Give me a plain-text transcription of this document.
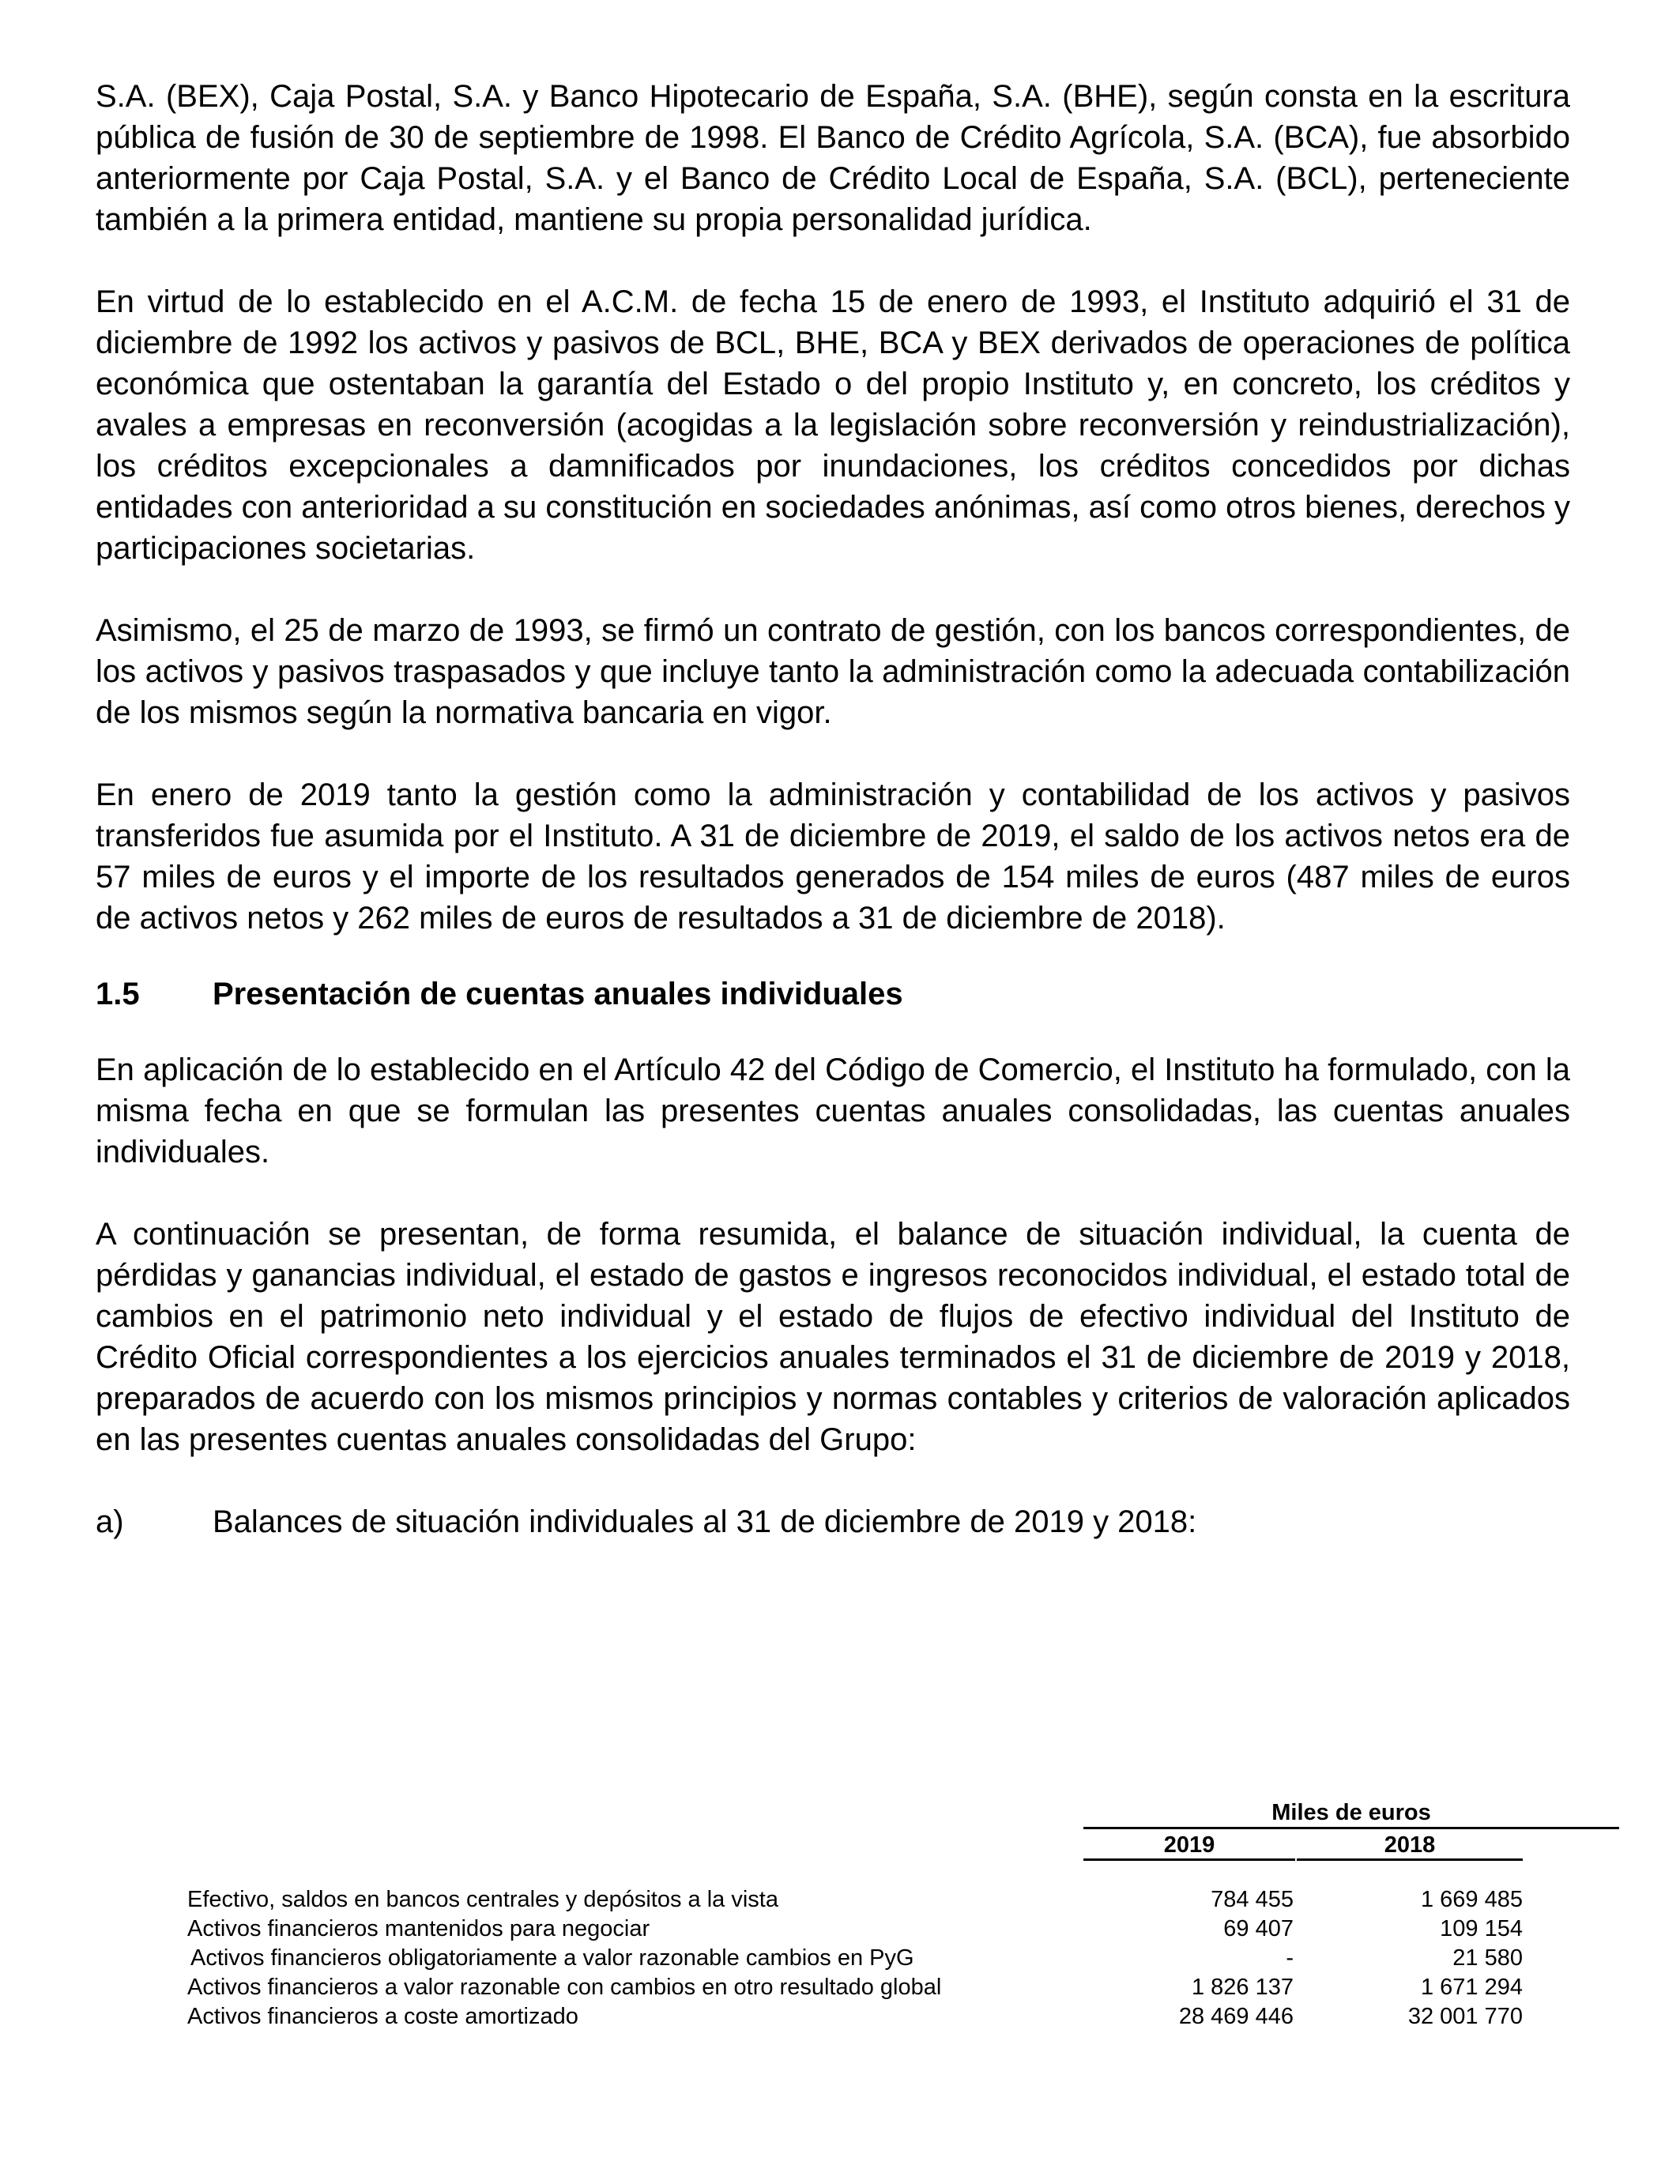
S.A. (BEX), Caja Postal, S.A. y Banco Hipotecario de España, S.A. (BHE), según consta en la escritura pública de fusión de 30 de septiembre de 1998. El Banco de Crédito Agrícola, S.A. (BCA), fue absorbido anteriormente por Caja Postal, S.A. y el Banco de Crédito Local de España, S.A. (BCL), perteneciente también a la primera entidad, mantiene su propia personalidad jurídica.

En virtud de lo establecido en el A.C.M. de fecha 15 de enero de 1993, el Instituto adquirió el 31 de diciembre de 1992 los activos y pasivos de BCL, BHE, BCA y BEX derivados de operaciones de política económica que ostentaban la garantía del Estado o del propio Instituto y, en concreto, los créditos y avales a empresas en reconversión (acogidas a la legislación sobre reconversión y reindustrialización), los créditos excepcionales a damnificados por inundaciones, los créditos concedidos por dichas entidades con anterioridad a su constitución en sociedades anónimas, así como otros bienes, derechos y participaciones societarias.

Asimismo, el 25 de marzo de 1993, se firmó un contrato de gestión, con los bancos correspondientes, de los activos y pasivos traspasados y que incluye tanto la administración como la adecuada contabilización de los mismos según la normativa bancaria en vigor.

En enero de 2019 tanto la gestión como la administración y contabilidad de los activos y pasivos transferidos fue asumida por el Instituto. A 31 de diciembre de 2019, el saldo de los activos netos era de 57 miles de euros y el importe de los resultados generados de 154 miles de euros (487 miles de euros de activos netos y 262 miles de euros de resultados a 31 de diciembre de 2018).

1.5	Presentación de cuentas anuales individuales

En aplicación de lo establecido en el Artículo 42 del Código de Comercio, el Instituto ha formulado, con la misma fecha en que se formulan las presentes cuentas anuales consolidadas, las cuentas anuales individuales.

A continuación se presentan, de forma resumida, el balance de situación individual, la cuenta de pérdidas y ganancias individual, el estado de gastos e ingresos reconocidos individual, el estado total de cambios en el patrimonio neto individual y el estado de flujos de efectivo individual del Instituto de Crédito Oficial correspondientes a los ejercicios anuales terminados el 31 de diciembre de 2019 y 2018, preparados de acuerdo con los mismos principios y normas contables y criterios de valoración aplicados en las presentes cuentas anuales consolidadas del Grupo:

a)	Balances de situación individuales al 31 de diciembre de 2019 y 2018:
Miles de euros
2019	2018
Efectivo, saldos en bancos centrales y depósitos a la vista	784 455	1 669 485
Activos financieros mantenidos para negociar	69 407	109 154
Activos financieros obligatoriamente a valor razonable cambios en PyG	-	21 580
Activos financieros a valor razonable con cambios en otro resultado global	1 826 137	1 671 294
Activos financieros a coste amortizado	28 469 446	32 001 770
